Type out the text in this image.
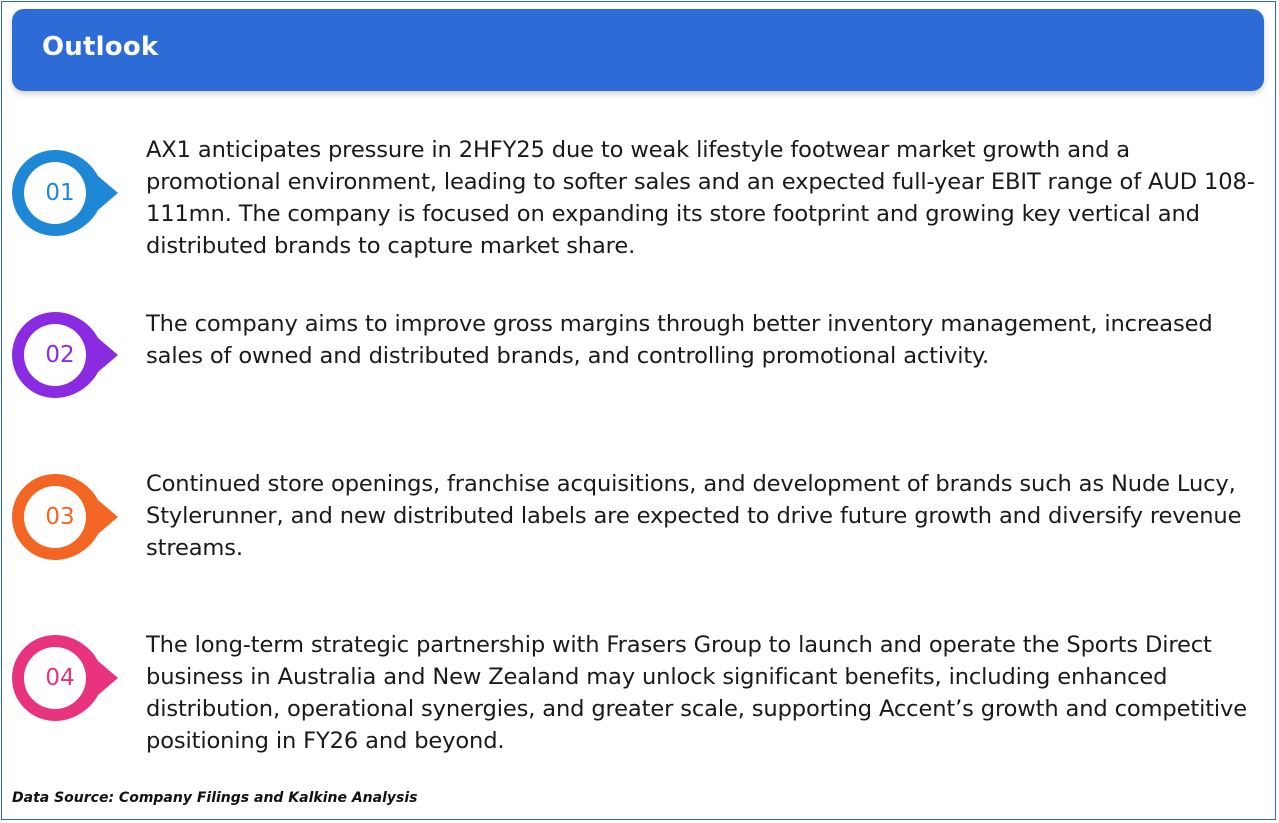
Outlook
01
AX1 anticipates pressure in 2HFY25 due to weak lifestyle footwear market growth and a promotional environment, leading to softer sales and an expected full-year EBIT range of AUD 108-111mn. The company is focused on expanding its store footprint and growing key vertical and distributed brands to capture market share.
02
The company aims to improve gross margins through better inventory management, increased sales of owned and distributed brands, and controlling promotional activity.
03
Continued store openings, franchise acquisitions, and development of brands such as Nude Lucy, Stylerunner, and new distributed labels are expected to drive future growth and diversify revenue streams.
04
The long-term strategic partnership with Frasers Group to launch and operate the Sports Direct business in Australia and New Zealand may unlock significant benefits, including enhanced distribution, operational synergies, and greater scale, supporting Accent’s growth and competitive positioning in FY26 and beyond.
Data Source: Company Filings and Kalkine Analysis
